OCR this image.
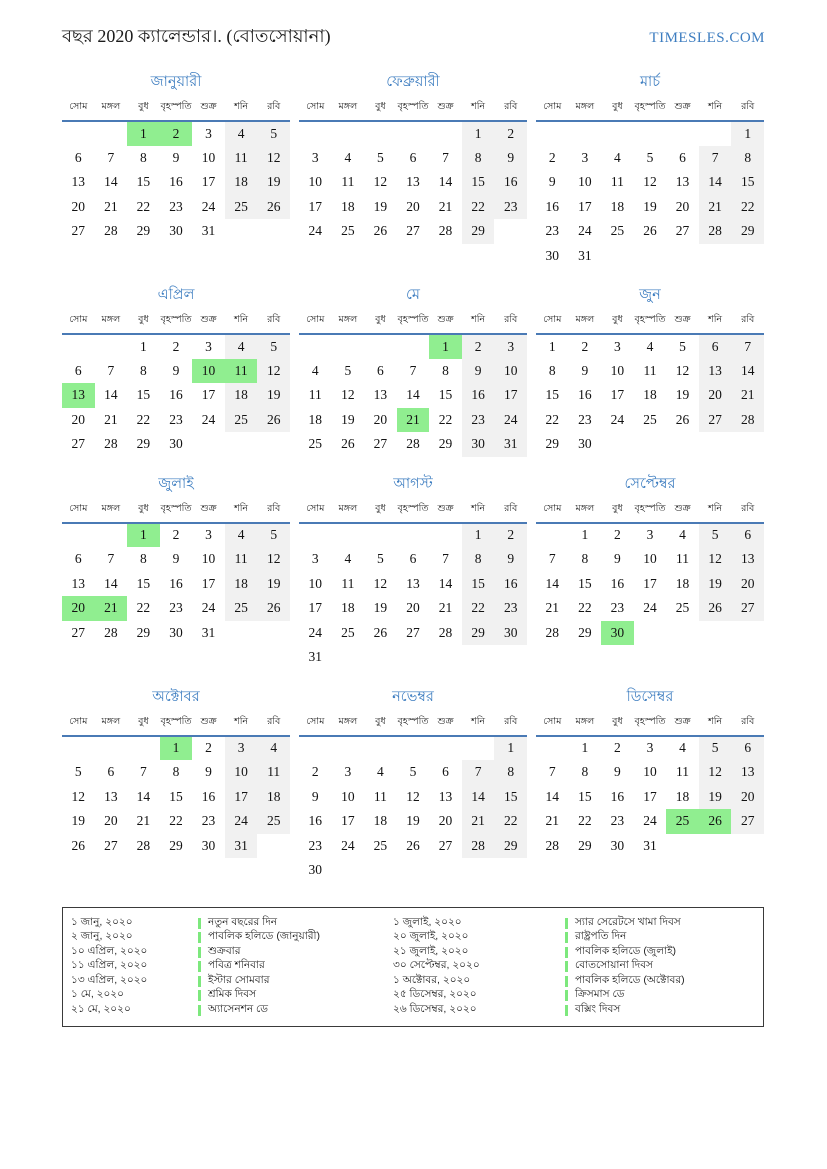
বছর 2020 ক্যালেন্ডার।. (বোতসোয়ানা)	TIMESLES.COM
জানুয়ারী
সোম	মঙ্গল	বুধ	বৃহস্পতি	শুক্র	শনি	রবি
		1	2	3	4	5
6	7	8	9	10	11	12
13	14	15	16	17	18	19
20	21	22	23	24	25	26
27	28	29	30	31		
ফেব্রুয়ারী
সোম	মঙ্গল	বুধ	বৃহস্পতি	শুক্র	শনি	রবি
					1	2
3	4	5	6	7	8	9
10	11	12	13	14	15	16
17	18	19	20	21	22	23
24	25	26	27	28	29	
মার্চ
সোম	মঙ্গল	বুধ	বৃহস্পতি	শুক্র	শনি	রবি
						1
2	3	4	5	6	7	8
9	10	11	12	13	14	15
16	17	18	19	20	21	22
23	24	25	26	27	28	29
30	31					
এপ্রিল
সোম	মঙ্গল	বুধ	বৃহস্পতি	শুক্র	শনি	রবি
		1	2	3	4	5
6	7	8	9	10	11	12
13	14	15	16	17	18	19
20	21	22	23	24	25	26
27	28	29	30			
মে
সোম	মঙ্গল	বুধ	বৃহস্পতি	শুক্র	শনি	রবি
				1	2	3
4	5	6	7	8	9	10
11	12	13	14	15	16	17
18	19	20	21	22	23	24
25	26	27	28	29	30	31
জুন
সোম	মঙ্গল	বুধ	বৃহস্পতি	শুক্র	শনি	রবি
1	2	3	4	5	6	7
8	9	10	11	12	13	14
15	16	17	18	19	20	21
22	23	24	25	26	27	28
29	30					
জুলাই
সোম	মঙ্গল	বুধ	বৃহস্পতি	শুক্র	শনি	রবি
		1	2	3	4	5
6	7	8	9	10	11	12
13	14	15	16	17	18	19
20	21	22	23	24	25	26
27	28	29	30	31		
আগস্ট
সোম	মঙ্গল	বুধ	বৃহস্পতি	শুক্র	শনি	রবি
					1	2
3	4	5	6	7	8	9
10	11	12	13	14	15	16
17	18	19	20	21	22	23
24	25	26	27	28	29	30
31						
সেপ্টেম্বর
সোম	মঙ্গল	বুধ	বৃহস্পতি	শুক্র	শনি	রবি
	1	2	3	4	5	6
7	8	9	10	11	12	13
14	15	16	17	18	19	20
21	22	23	24	25	26	27
28	29	30				
অক্টোবর
সোম	মঙ্গল	বুধ	বৃহস্পতি	শুক্র	শনি	রবি
			1	2	3	4
5	6	7	8	9	10	11
12	13	14	15	16	17	18
19	20	21	22	23	24	25
26	27	28	29	30	31	
নভেম্বর
সোম	মঙ্গল	বুধ	বৃহস্পতি	শুক্র	শনি	রবি
						1
2	3	4	5	6	7	8
9	10	11	12	13	14	15
16	17	18	19	20	21	22
23	24	25	26	27	28	29
30						
ডিসেম্বর
সোম	মঙ্গল	বুধ	বৃহস্পতি	শুক্র	শনি	রবি
	1	2	3	4	5	6
7	8	9	10	11	12	13
14	15	16	17	18	19	20
21	22	23	24	25	26	27
28	29	30	31			
১ জানু, ২০২০	নতুন বছরের দিন
২ জানু, ২০২০	পাবলিক হলিডে (জানুয়ারী)
১০ এপ্রিল, ২০২০	শুক্রবার
১১ এপ্রিল, ২০২০	পবিত্র শনিবার
১৩ এপ্রিল, ২০২০	ইস্টার সোমবার
১ মে, ২০২০	শ্রমিক দিবস
২১ মে, ২০২০	অ্যাসেনশন ডে
১ জুলাই, ২০২০	স্যার সেরেটসে খামা দিবস
২০ জুলাই, ২০২০	রাষ্ট্রপতি দিন
২১ জুলাই, ২০২০	পাবলিক হলিডে (জুলাই)
৩০ সেপ্টেম্বর, ২০২০	বোতসোয়ানা দিবস
১ অক্টোবর, ২০২০	পাবলিক হলিডে (অক্টোবর)
২৫ ডিসেম্বর, ২০২০	ক্রিসমাস ডে
২৬ ডিসেম্বর, ২০২০	বক্সিং দিবস
